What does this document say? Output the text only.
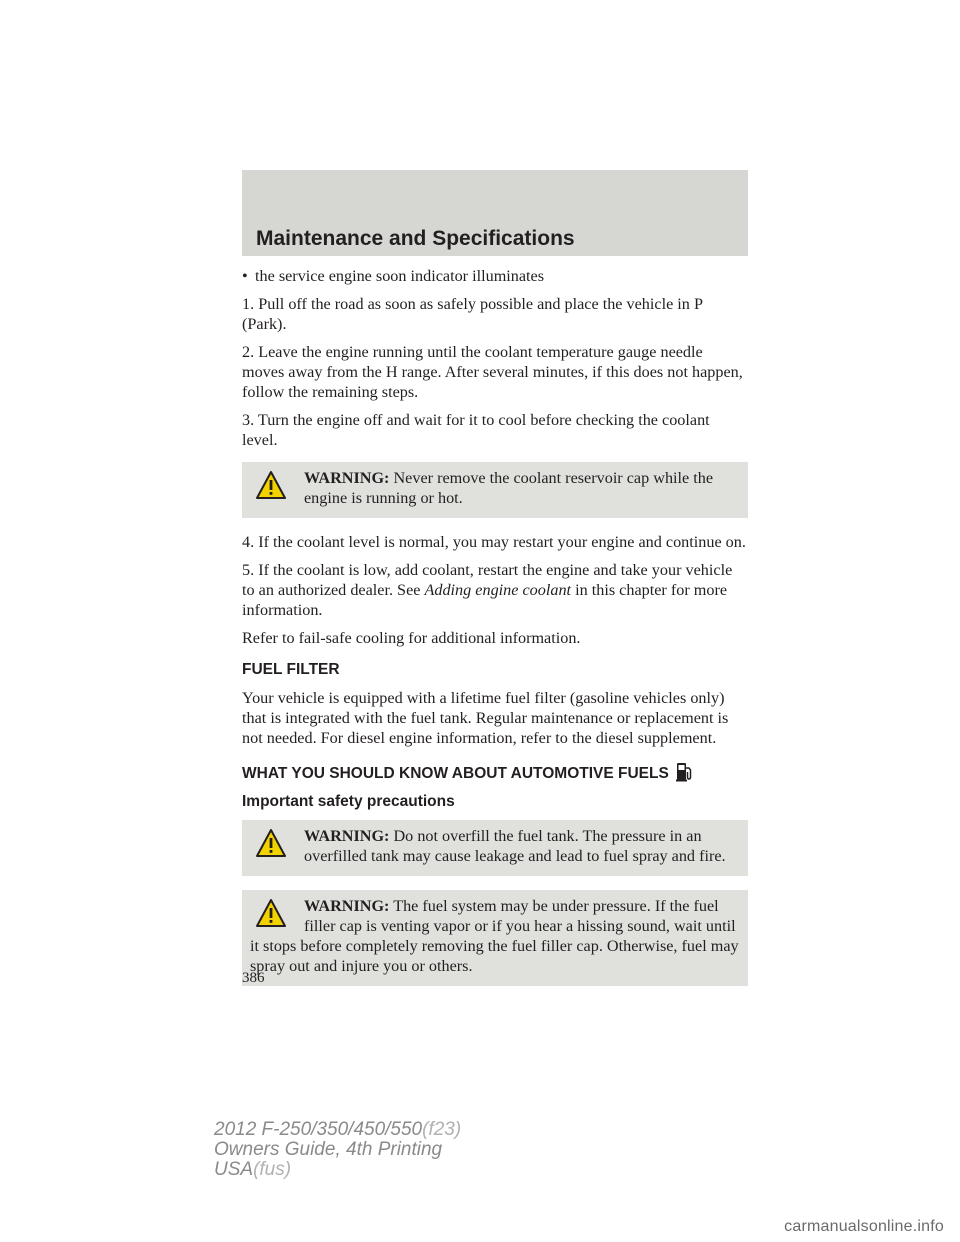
Maintenance and Specifications

• the service engine soon indicator illuminates

1. Pull off the road as soon as safely possible and place the vehicle in P (Park).

2. Leave the engine running until the coolant temperature gauge needle moves away from the H range. After several minutes, if this does not happen, follow the remaining steps.

3. Turn the engine off and wait for it to cool before checking the coolant level.

WARNING: Never remove the coolant reservoir cap while the engine is running or hot.

4. If the coolant level is normal, you may restart your engine and continue on.

5. If the coolant is low, add coolant, restart the engine and take your vehicle to an authorized dealer. See Adding engine coolant in this chapter for more information.

Refer to fail-safe cooling for additional information.

FUEL FILTER

Your vehicle is equipped with a lifetime fuel filter (gasoline vehicles only) that is integrated with the fuel tank. Regular maintenance or replacement is not needed. For diesel engine information, refer to the diesel supplement.

WHAT YOU SHOULD KNOW ABOUT AUTOMOTIVE FUELS
Important safety precautions
WARNING: Do not overfill the fuel tank. The pressure in an overfilled tank may cause leakage and lead to fuel spray and fire.
WARNING: The fuel system may be under pressure. If the fuel filler cap is venting vapor or if you hear a hissing sound, wait until it stops before completely removing the fuel filler cap. Otherwise, fuel may spray out and injure you or others.
386
2012 F-250/350/450/550(f23)
Owners Guide, 4th Printing
USA(fus)
carmanualsonline.info
